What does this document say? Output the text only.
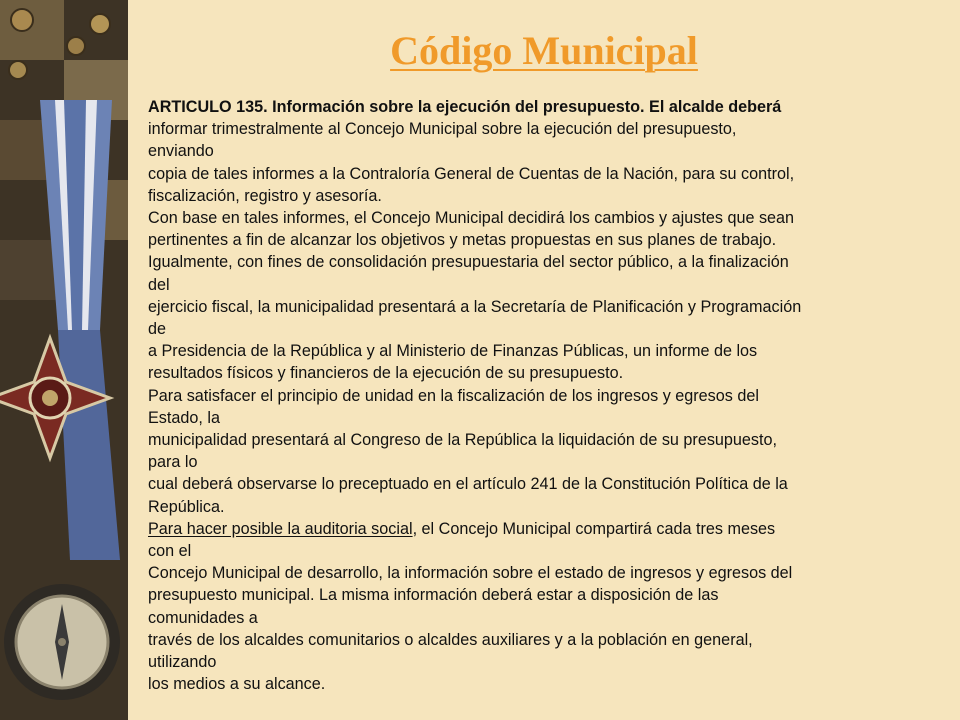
Código Municipal
ARTICULO 135. Información sobre la ejecución del presupuesto. El alcalde deberá
informar trimestralmente al Concejo Municipal sobre la ejecución del presupuesto,
enviando
copia de tales informes a la Contraloría General de Cuentas de la Nación, para su control,
fiscalización, registro y asesoría.
Con base en tales informes, el Concejo Municipal decidirá los cambios y ajustes que sean
pertinentes a fin de alcanzar los objetivos y metas propuestas en sus planes de trabajo.
Igualmente, con fines de consolidación presupuestaria del sector público, a la finalización
del
ejercicio fiscal, la municipalidad presentará a la Secretaría de Planificación y Programación
de
a Presidencia de la República y al Ministerio de Finanzas Públicas, un informe de los
resultados físicos y financieros de la ejecución de su presupuesto.
Para satisfacer el principio de unidad en la fiscalización de los ingresos y egresos del
Estado, la
municipalidad presentará al Congreso de la República la liquidación de su presupuesto,
para lo
cual deberá observarse lo preceptuado en el artículo 241 de la Constitución Política de la
República.
Para hacer posible la auditoria social, el Concejo Municipal compartirá cada tres meses
con el
Concejo Municipal de desarrollo, la información sobre el estado de ingresos y egresos del
presupuesto municipal. La misma información deberá estar a disposición de las
comunidades a
través de los alcaldes comunitarios o alcaldes auxiliares y a la población en general,
utilizando
los medios a su alcance.
